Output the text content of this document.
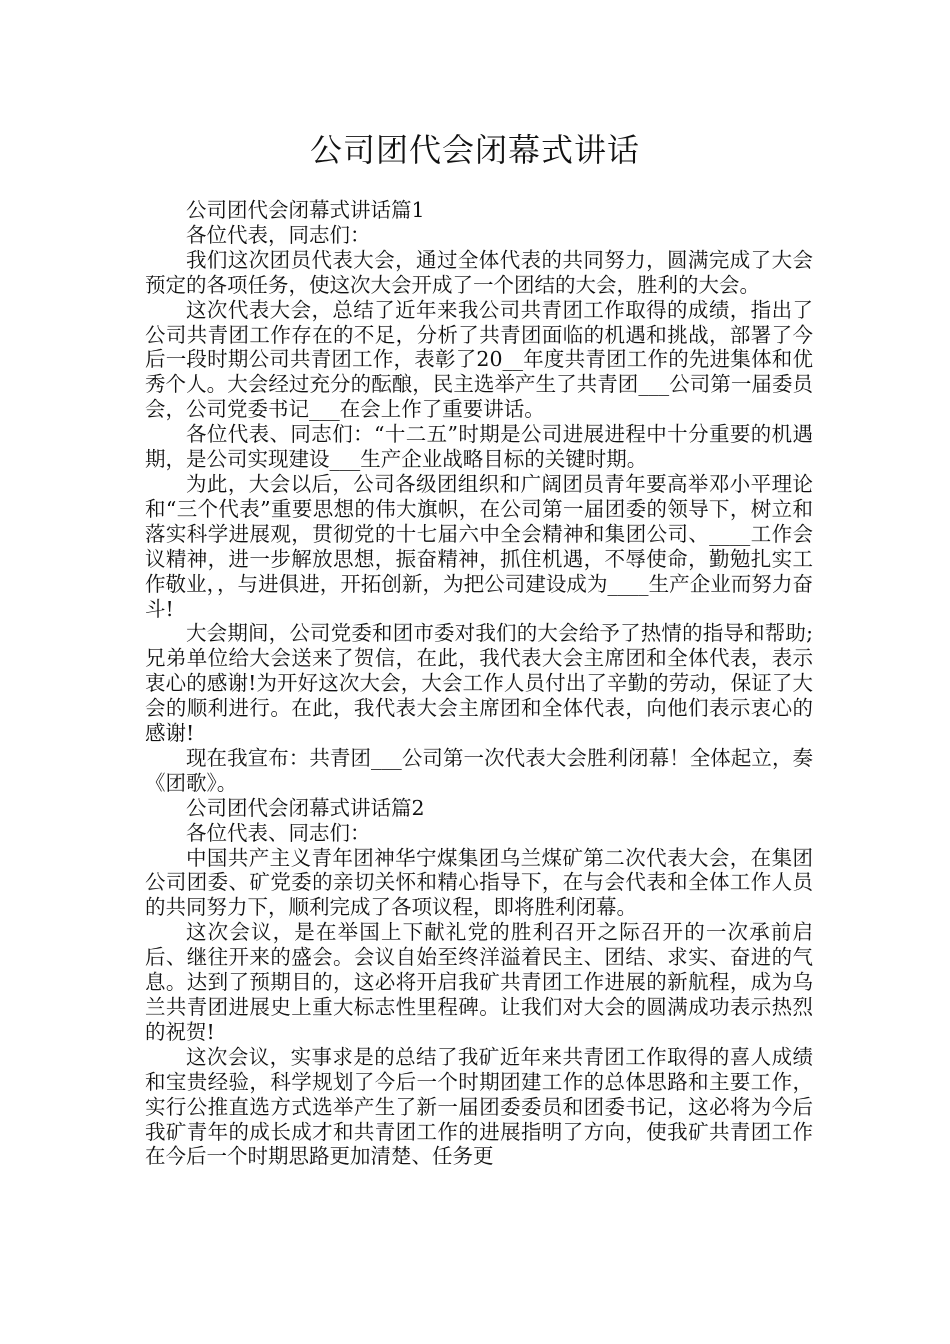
公司团代会闭幕式讲话

公司团代会闭幕式讲话篇1

各位代表，同志们：

我们这次团员代表大会，通过全体代表的共同努力，圆满完成了大会预定的各项任务，使这次大会开成了一个团结的大会，胜利的大会。

这次代表大会，总结了近年来我公司共青团工作取得的成绩，指出了公司共青团工作存在的不足，分析了共青团面临的机遇和挑战，部署了今后一段时期公司共青团工作，表彰了20__年度共青团工作的先进集体和优秀个人。大会经过充分的酝酿，民主选举产生了共青团___公司第一届委员会，公司党委书记___在会上作了重要讲话。

各位代表、同志们：“十二五”时期是公司进展进程中十分重要的机遇期，是公司实现建设___生产企业战略目标的关键时期。

为此，大会以后，公司各级团组织和广阔团员青年要高举邓小平理论和“三个代表”重要思想的伟大旗帜，在公司第一届团委的领导下，树立和落实科学进展观，贯彻党的十七届六中全会精神和集团公司、____工作会议精神，进一步解放思想，振奋精神，抓住机遇，不辱使命，勤勉扎实工作敬业，，与进俱进，开拓创新，为把公司建设成为____生产企业而努力奋斗!

大会期间，公司党委和团市委对我们的大会给予了热情的指导和帮助;兄弟单位给大会送来了贺信，在此，我代表大会主席团和全体代表，表示衷心的感谢!为开好这次大会，大会工作人员付出了辛勤的劳动，保证了大会的顺利进行。在此，我代表大会主席团和全体代表，向他们表示衷心的感谢!

现在我宣布：共青团___公司第一次代表大会胜利闭幕！全体起立，奏《团歌》。

公司团代会闭幕式讲话篇2

各位代表、同志们：

中国共产主义青年团神华宁煤集团乌兰煤矿第二次代表大会，在集团公司团委、矿党委的亲切关怀和精心指导下，在与会代表和全体工作人员的共同努力下，顺利完成了各项议程，即将胜利闭幕。

这次会议，是在举国上下献礼党的胜利召开之际召开的一次承前启后、继往开来的盛会。会议自始至终洋溢着民主、团结、求实、奋进的气息。达到了预期目的，这必将开启我矿共青团工作进展的新航程，成为乌兰共青团进展史上重大标志性里程碑。让我们对大会的圆满成功表示热烈的祝贺!

这次会议，实事求是的总结了我矿近年来共青团工作取得的喜人成绩和宝贵经验，科学规划了今后一个时期团建工作的总体思路和主要工作，实行公推直选方式选举产生了新一届团委委员和团委书记，这必将为今后我矿青年的成长成才和共青团工作的进展指明了方向，使我矿共青团工作在今后一个时期思路更加清楚、任务更
